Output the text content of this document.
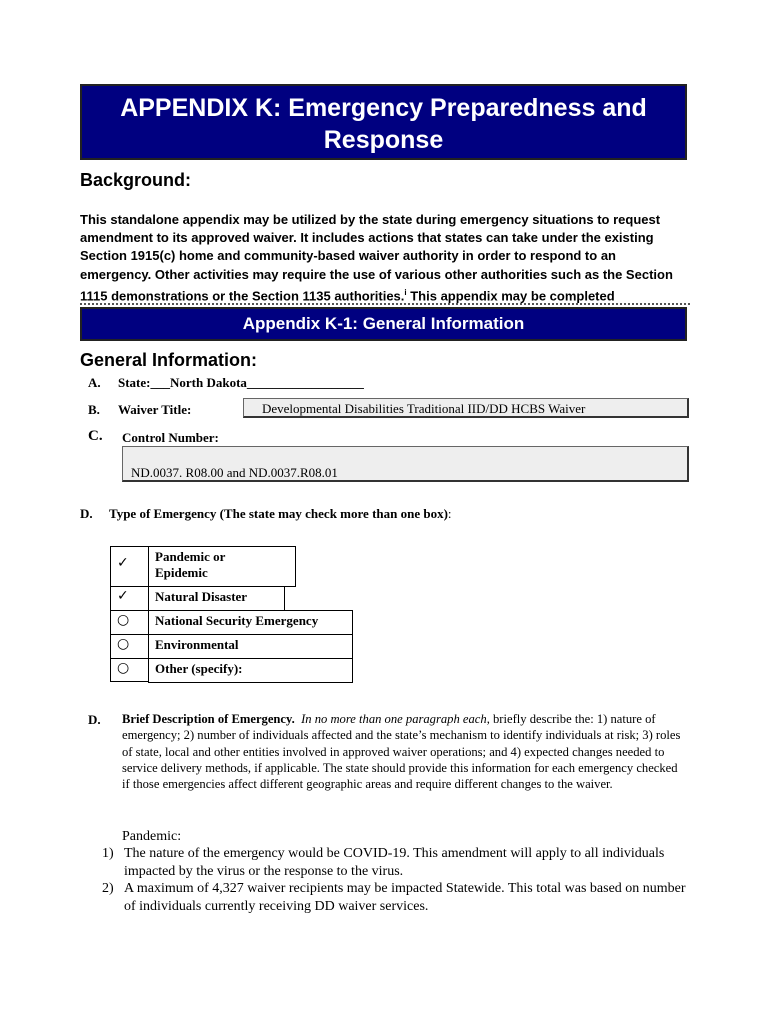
APPENDIX K: Emergency Preparedness and
Response
Background:
This standalone appendix may be utilized by the state during emergency situations to request amendment to its approved waiver. It includes actions that states can take under the existing Section 1915(c) home and community-based waiver authority in order to respond to an emergency. Other activities may require the use of various other authorities such as the Section 1115 demonstrations or the Section 1135 authorities.$^i$ This appendix may be completed
Appendix K-1: General Information
General Information:
A. State:___North Dakota__________________
B. Waiver Title:	Developmental Disabilities Traditional IID/DD HCBS Waiver
C. Control Number:
ND.0037. R08.00 and ND.0037.R08.01
D. Type of Emergency (The state may check more than one box):
Pandemic or
Epidemic
Natural Disaster
National Security Emergency
Environmental
Other (specify):
✓
✓
○
○
○
D. Brief Description of Emergency. In no more than one paragraph each, briefly describe the: 1) nature of emergency; 2) number of individuals affected and the state’s mechanism to identify individuals at risk; 3) roles of state, local and other entities involved in approved waiver operations; and 4) expected changes needed to service delivery methods, if applicable. The state should provide this information for each emergency checked if those emergencies affect different geographic areas and require different changes to the waiver.
Pandemic:
1) The nature of the emergency would be COVID-19. This amendment will apply to all individuals impacted by the virus or the response to the virus.
2) A maximum of 4,327 waiver recipients may be impacted Statewide. This total was based on number of individuals currently receiving DD waiver services.
